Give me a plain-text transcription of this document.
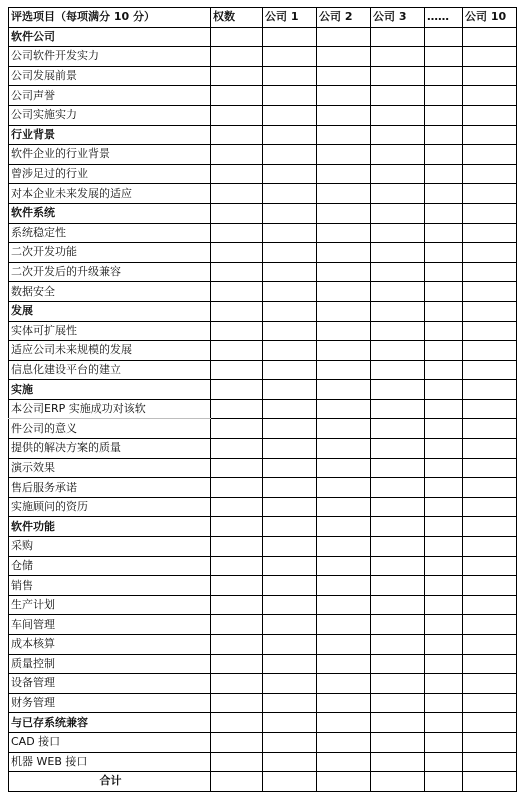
评选项目（每项满分 10 分）	权数	公司 1	公司 2	公司 3	……	公司 10
软件公司						
公司软件开发实力						
公司发展前景						
公司声誉						
公司实施实力						
行业背景						
软件企业的行业背景						
曾涉足过的行业						
对本企业未来发展的适应						
软件系统						
系统稳定性						
二次开发功能						
二次开发后的升级兼容						
数据安全						
发展						
实体可扩展性						
适应公司未来规模的发展						
信息化建设平台的建立						
实施						
本公司ERP 实施成功对该软						
件公司的意义						
提供的解决方案的质量						
演示效果						
售后服务承诺						
实施顾问的资历						
软件功能						
采购						
仓储						
销售						
生产计划						
车间管理						
成本核算						
质量控制						
设备管理						
财务管理						
与已存系统兼容						
CAD 接口						
机器 WEB 接口						
合计						
